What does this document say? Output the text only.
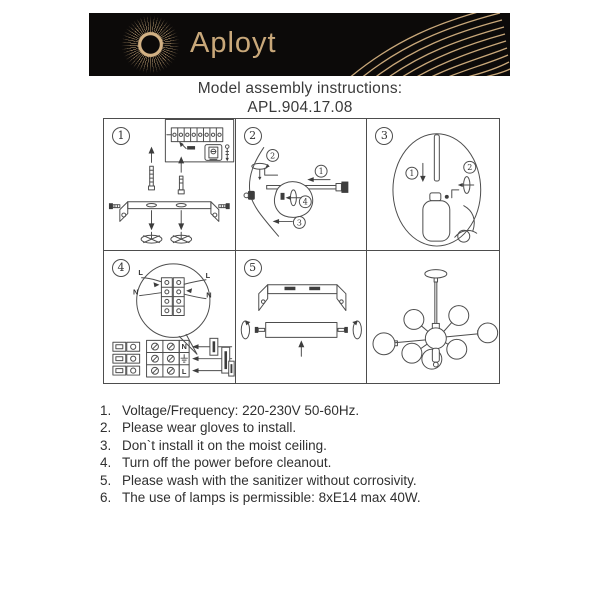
Aployt
Model assembly instructions:
APL.904.17.08
1	2
2
1
4
3
3
1
2
4	L
N
L
N
N
L
5
1. Voltage/Frequency: 220-230V 50-60Hz.
2. Please wear gloves to install.
3. Don`t install it on the moist ceiling.
4. Turn off the power before cleanout.
5. Please wash with the sanitizer without corrosivity.
6. The use of lamps is permissible: 8xE14 max 40W.
